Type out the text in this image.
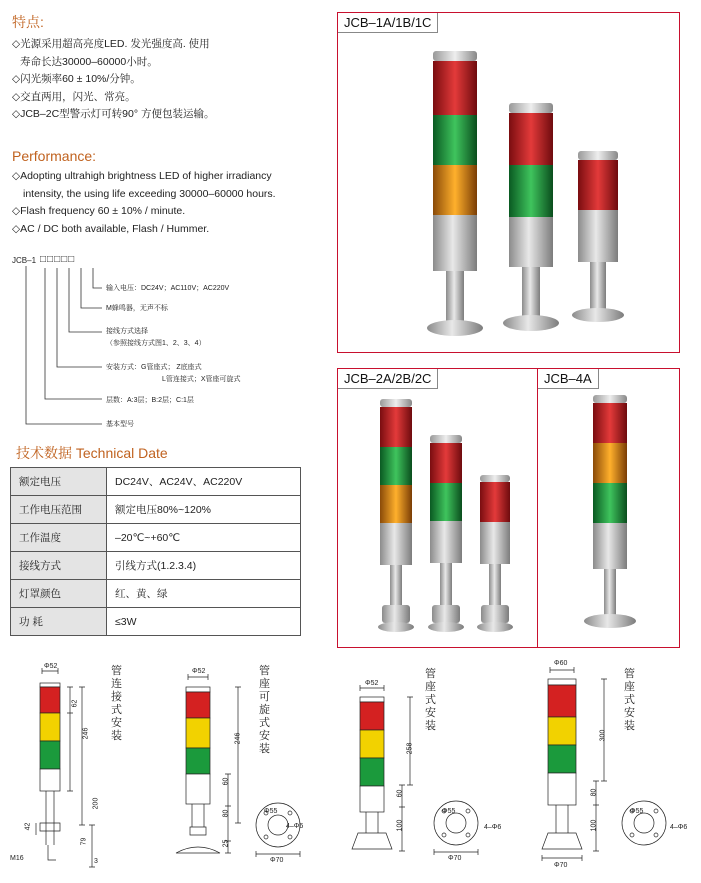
特点:
◇光源采用超高亮度LED. 发光强度高. 使用
寿命长达30000–60000小时。
◇闪光频率60 ± 10%/分钟。
◇交直两用，闪光、常亮。
◇JCB–2C型警示灯可转90° 方便包装运输。
Performance:
◇Adopting ultrahigh brightness LED of higher irradiancy
intensity, the using life exceeding 30000–60000 hours.
◇Flash frequency 60 ± 10% / minute.
◇AC / DC both available, Flash / Hummer.
JCB–1 □□□□□
输入电压：DC24V；AC110V；AC220V
M蜂鸣器，无声不标
接线方式选择
（参照接线方式图1、2、3、4）
安装方式：G管座式； Z底座式
L管连接式；X管座可旋式
层数：A:3层；B:2层；C:1层
基本型号
技术数据 Technical Date
额定电压	DC24V、AC24V、AC220V
工作电压范围	额定电压80%~120%
工作温度	–20℃~+60℃
接线方式	引线方式(1.2.3.4)
灯罩颜色	红、黄、绿
功 耗	≤3W
JCB–1A/1B/1C
JCB–2A/2B/2C	JCB–4A
Φ52
62
246
200
42
79
3
M16
管连接式安装
Φ52
246
60
80
25
Φ70
4–Φ6
Φ55
管座可旋式安装
Φ52
258
60
100
Φ70
4–Φ6
Φ55
管座式安装
Φ60
300
80
100
Φ70
4–Φ6
Φ55
管座式安装
